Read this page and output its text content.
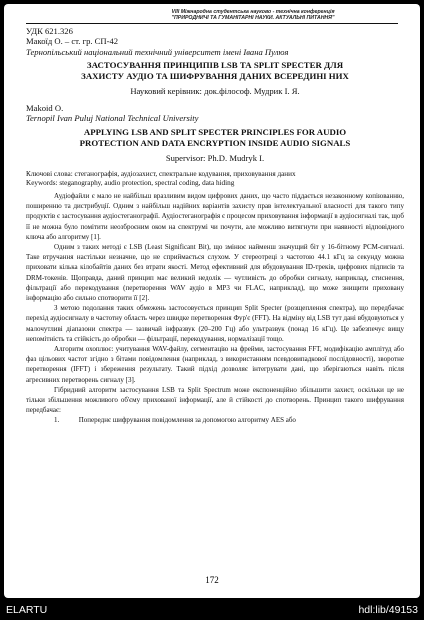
VIII Міжнародна студентська науково - технічна конференція
"ПРИРОДНИЧІ ТА ГУМАНІТАРНІ НАУКИ. АКТУАЛЬНІ ПИТАННЯ"
УДК 621.326
Макоїд О. – ст. гр. СП-42
Тернопільський національний технічний університет імені Івана Пулюя
ЗАСТОСУВАННЯ ПРИНЦИПІВ LSB ТА SPLIT SPECTER ДЛЯ
ЗАХИСТУ АУДІО ТА ШИФРУВАННЯ ДАНИХ ВСЕРЕДИНІ НИХ
Науковий керівник: док.філософ. Мудрик І. Я.
Makoid O.
Ternopil Ivan Puluj National Technical University
APPLYING LSB AND SPLIT SPECTER PRINCIPLES FOR AUDIO
PROTECTION AND DATA ENCRYPTION INSIDE AUDIO SIGNALS
Supervisor: Ph.D. Mudryk I.
Ключові слова: стеганографія, аудіозахист, спектральне кодування, приховування даних
Keywords: steganography, audio protection, spectral coding, data hiding
Аудіофайли є мало не найбільш вразливим видом цифрових даних, що часто піддається незаконному копіюванню, поширенню та дистрибуції. Одним з найбільш надійних варіантів захисту прав інтелектуальної власності для такого типу продуктів є застосування аудіостеганографії. Аудіостеганографія є процесом приховування інформації в аудіосигналі так, щоб її не можна було помітити неозброєним оком на спектрумі чи почути, але можливо витягнути при наявності відповідного ключа або алгоритму [1].
Одним з таких методі є LSB (Least Significant Bit), що змінює найменш значущий біт у 16-бітному PCM-сигналі. Таке втручання настільки незначне, що не сприймається слухом. У стереотреці з частотою 44.1 кГц за секунду можна приховати кілька кілобайтів даних без втрати якості. Метод ефективний для вбудовування ID-треків, цифрових підписів та DRM-токенів. Щоправда, даний принцип має великий недолік — чутливість до обробки сигналу, наприклад, стиснення, фільтрації або перекодування (перетворення WAV аудіо в MP3 чи FLAC, наприклад), що може знищити приховану інформацію або сильно спотворити її [2].
З метою подолання таких обмежень застосовується принцип Split Specter (розщеплення спектра), що передбачає перехід аудіосигналу в частотну область через швидке перетворення Фур'є (FFT). На відміну від LSB тут дані вбудовуються у малочутливі діапазони спектра — зазвичай інфразвук (20–200 Гц) або ультразвук (понад 16 кГц). Це забезпечує вищу непомітність та стійкість до обробки — фільтрації, перекодування, нормалізації тощо.
Алгоритм охоплює: учитування WAV-файлу, сегментацію на фрейми, застосування FFT, модифікацію амплітуд або фаз цільових частот згідно з бітами повідомлення (наприклад, з використанням псевдовипадкової послідовності), зворотне перетворення (IFFT) і збереження результату. Такий підхід дозволяє інтегрувати дані, що зберігаються навіть після агресивних перетворень сигналу [3].
Гібридний алгоритм застосування LSB та Split Spectrum може експоненційно збільшити захист, оскільки це не тільки збільшення можливого об'єму прихованої інформації, але й стійкості до спотворень. Принцип такого шифрування передбачає:
1.	Попереднє шифрування повідомлення за допомогою алгоритму AES або
172
ELARTU	hdl:lib/49153
